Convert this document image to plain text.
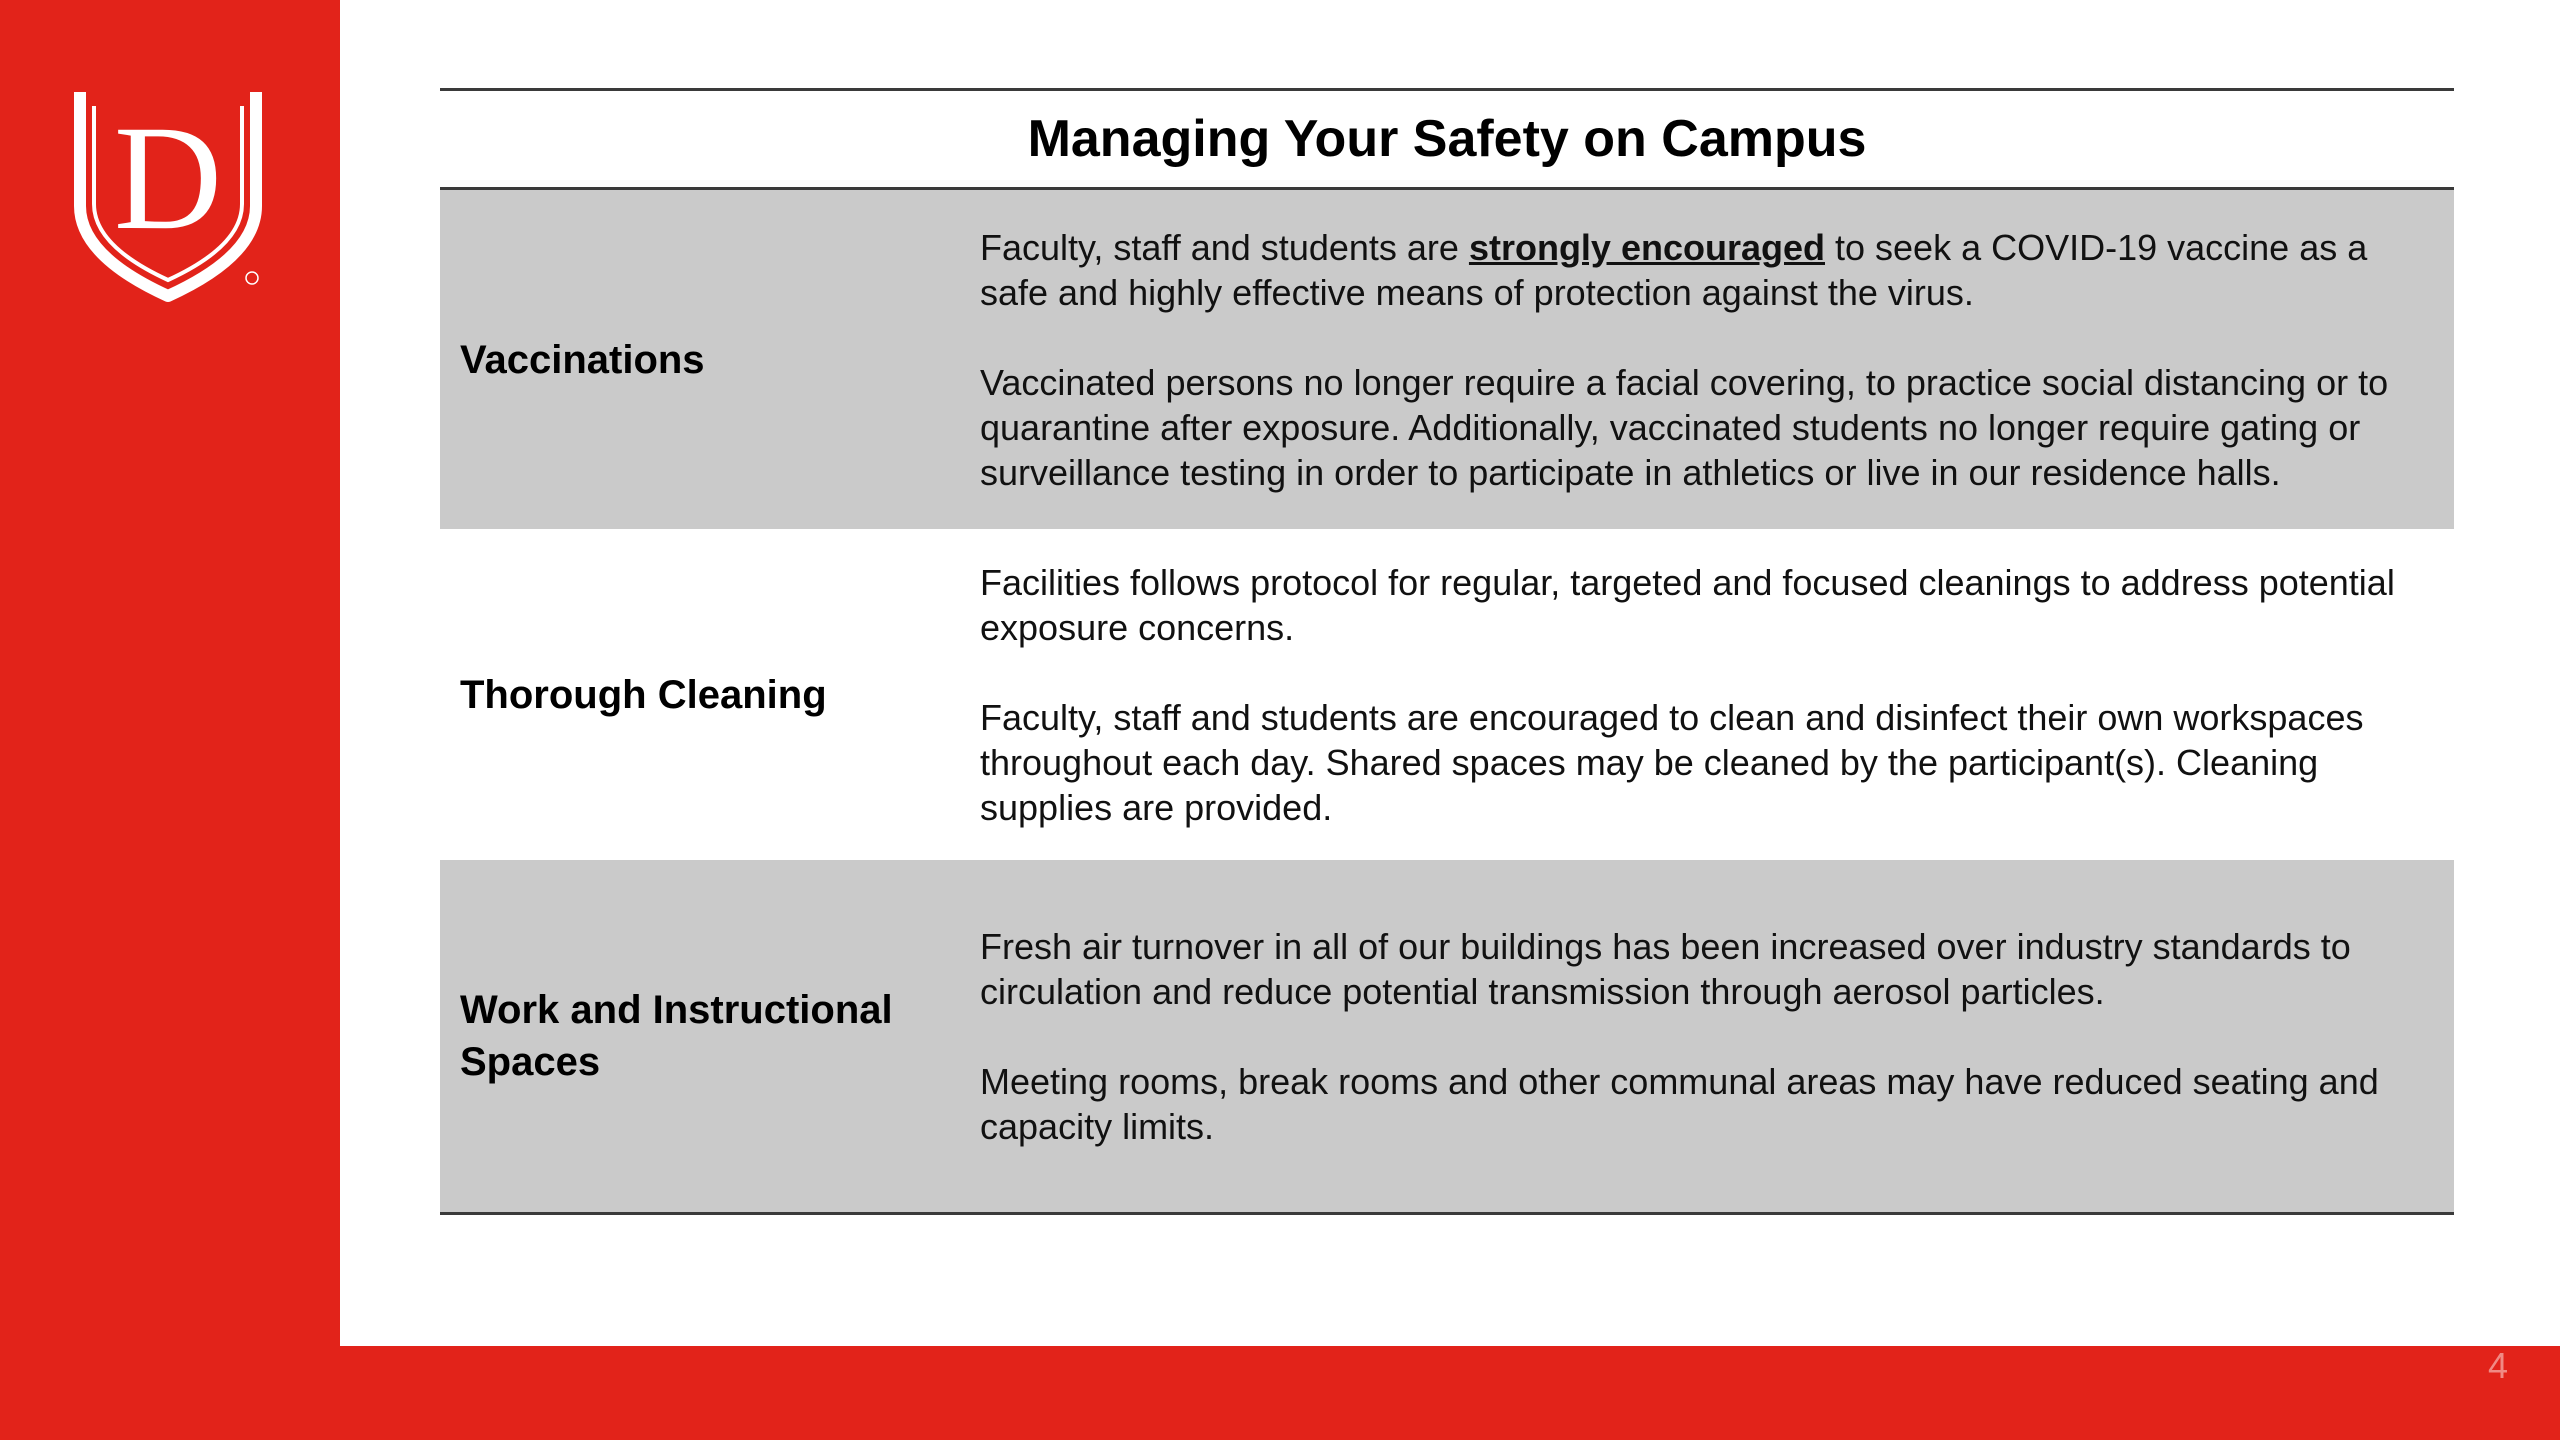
D
4
Managing Your Safety on Campus
Vaccinations

Faculty, staff and students are strongly encouraged to seek a COVID-19 vaccine as a safe and highly effective means of protection against the virus.

Vaccinated persons no longer require a facial covering, to practice social distancing or to quarantine after exposure. Additionally, vaccinated students no longer require gating or surveillance testing in order to participate in athletics or live in our residence halls.

Thorough Cleaning

Facilities follows protocol for regular, targeted and focused cleanings to address potential exposure concerns.

Faculty, staff and students are encouraged to clean and disinfect their own workspaces throughout each day. Shared spaces may be cleaned by the participant(s). Cleaning supplies are provided.

Work and Instructional Spaces

Fresh air turnover in all of our buildings has been increased over industry standards to circulation and reduce potential transmission through aerosol particles.

Meeting rooms, break rooms and other communal areas may have reduced seating and capacity limits.
